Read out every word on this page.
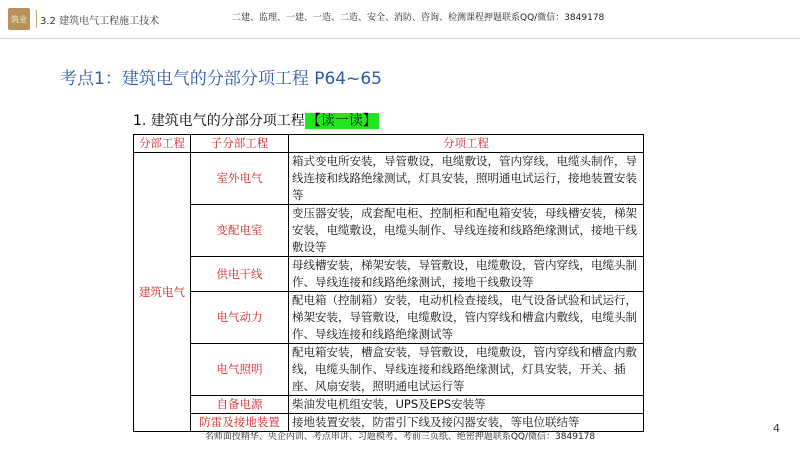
筑业 3.2 建筑电气工程施工技术	二建、监理、一建、一造、二造、安全、消防、咨询、检测课程押题联系QQ/微信：3849178
考点1：建筑电气的分部分项工程 P64~65
1. 建筑电气的分部分项工程 【读一读】
分部工程	子分部工程	分项工程
建筑电气	室外电气	箱式变电所安装，导管敷设，电缆敷设，管内穿线，电缆头制作，导线连接和线路绝缘测试，灯具安装，照明通电试运行，接地装置安装等
	变配电室	变压器安装，成套配电柜、控制柜和配电箱安装，母线槽安装，梯架安装，电缆敷设，电缆头制作、导线连接和线路绝缘测试，接地干线敷设等
	供电干线	母线槽安装，梯架安装，导管敷设，电缆敷设，管内穿线，电缆头制作、导线连接和线路绝缘测试，接地干线敷设等
	电气动力	配电箱（控制箱）安装，电动机检查接线，电气设备试验和试运行，梯架安装，导管敷设，电缆敷设，管内穿线和槽盒内敷线，电缆头制作、导线连接和线路绝缘测试等
	电气照明	配电箱安装，槽盒安装，导管敷设，电缆敷设，管内穿线和槽盒内敷线，电缆头制作、导线连接和线路绝缘测试，灯具安装，开关、插座、风扇安装，照明通电试运行等
	自备电源	柴油发电机组安装，UPS及EPS安装等
	防雷及接地装置	接地装置安装，防雷引下线及接闪器安装，等电位联结等
名师面授精华、央企内训、考点串讲、习题模考、考前三页纸、绝密押题联系QQ/微信：3849178
4
